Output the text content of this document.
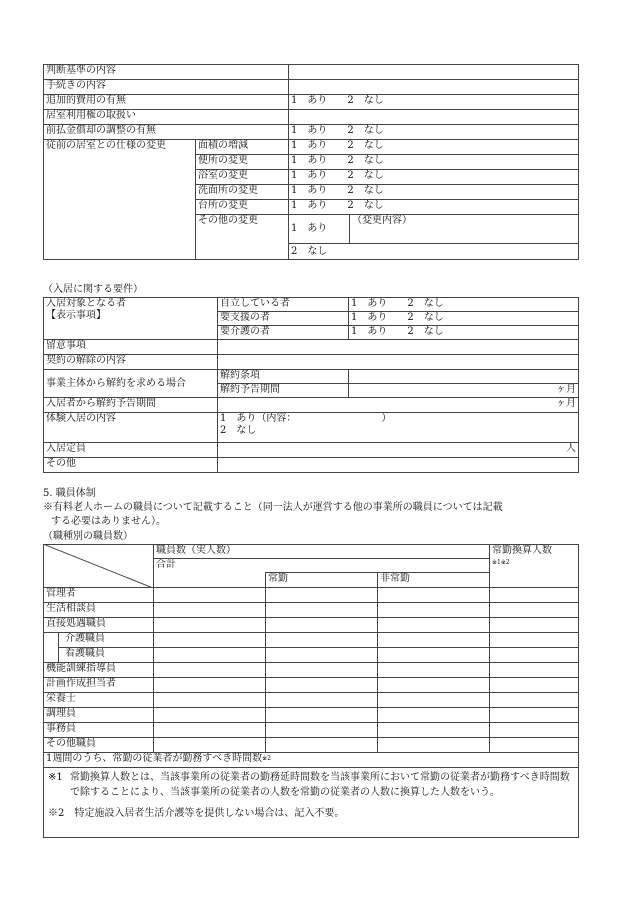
判断基準の内容			
手続きの内容			
追加的費用の有無		1　あり　　2　なし	
居室利用権の取扱い			
前払金償却の調整の有無		1　あり　　2　なし	
従前の居室との仕様の変更	面積の増減	1　あり　　2　なし	
	便所の変更	1　あり　　2　なし	
	浴室の変更	1　あり　　2　なし	
	洗面所の変更	1　あり　　2　なし	
	台所の変更	1　あり　　2　なし	
	その他の変更	1　あり	（変更内容）
		2　なし	
（入居に関する要件）
入居対象となる者
【表示事項】	自立している者	1　あり　　2　なし
	要支援の者	1　あり　　2　なし
	要介護の者	1　あり　　2　なし
留意事項		
契約の解除の内容		
事業主体から解約を求める場合	解約条項	
	解約予告期間	ヶ月
入居者から解約予告期間	ヶ月	
体験入居の内容	1　あり（内容：　　　　　　　　　）
2　なし	
入居定員	人	
その他		
5. 職員体制
※有料老人ホームの職員について記載すること（同一法人が運営する他の事業所の職員については記載
する必要はありません）。
（職種別の職員数）
		職員数（実人数）			常勤換算人数
$^{※1※2}$
		合計			
			常勤	非常勤	
管理者					
生活相談員					
直接処遇職員					
	介護職員				
	看護職員				
機能訓練指導員					
計画作成担当者					
栄養士					
調理員					
事務員					
その他職員					
1週間のうち、常勤の従業者が勤務すべき時間数$^{※2}$

※1 常勤換算人数とは、当該事業所の従業者の勤務延時間数を当該事業所において常勤の従業者が勤務すべき時間数で除することにより、当該事業所の従業者の人数を常勤の従業者の人数に換算した人数をいう。
※2　特定施設入居者生活介護等を提供しない場合は、記入不要。					
